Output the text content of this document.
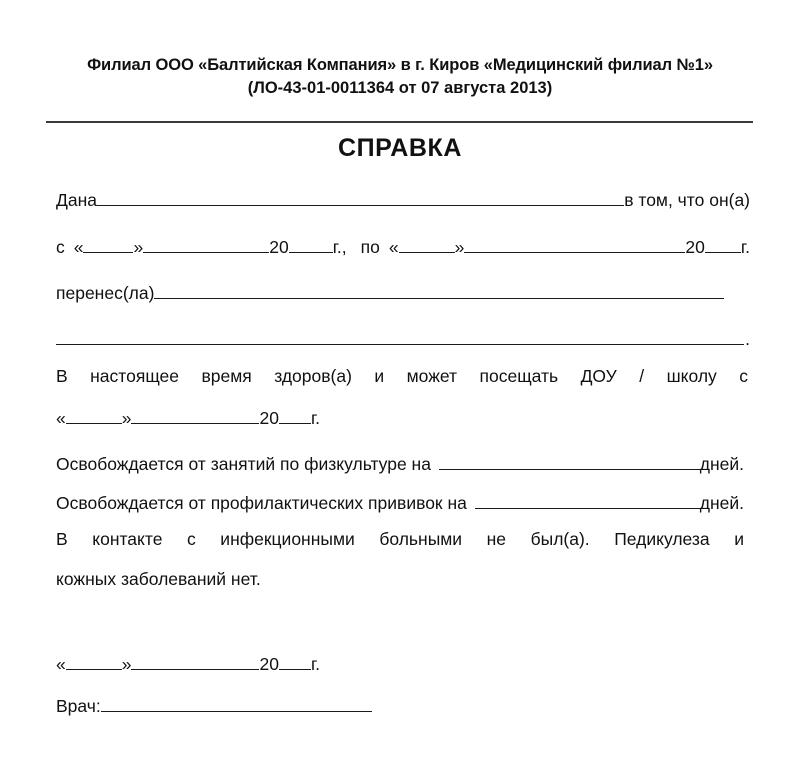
Филиал ООО «Балтийская Компания» в г. Киров «Медицинский филиал №1»
(ЛО-43-01-0011364 от 07 августа 2013)
СПРАВКА
Дана	в том, что он(а)
с «	»	20	г., по «	»	20 г.
перенес(ла)
.
В настоящее время здоров(а) и может посещать ДОУ / школу с
«	»	20 г.
Освобождается от занятий по физкультуре на	дней.
Освобождается от профилактических прививок на	дней.
В контакте с инфекционными больными не был(а). Педикулеза и
кожных заболеваний нет.
«	»	20 г.
Врач:
